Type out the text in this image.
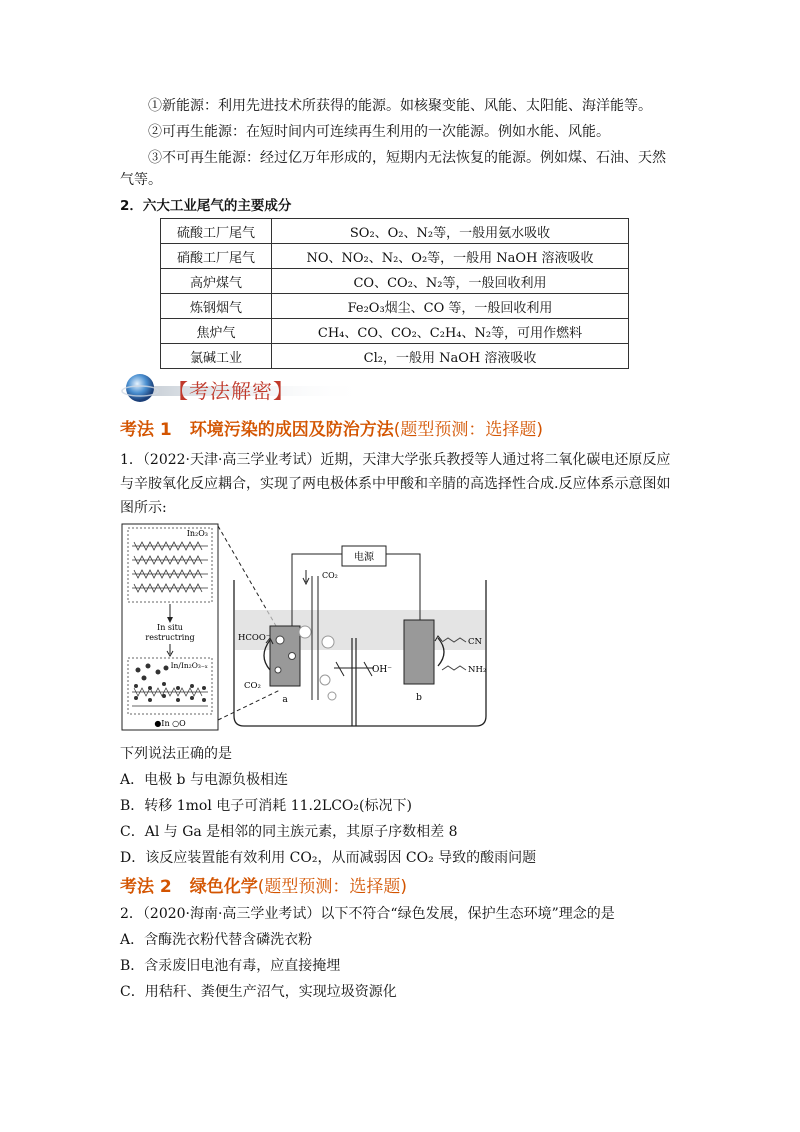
①新能源：利用先进技术所获得的能源。如核聚变能、风能、太阳能、海洋能等。
②可再生能源：在短时间内可连续再生利用的一次能源。例如水能、风能。
③不可再生能源：经过亿万年形成的，短期内无法恢复的能源。例如煤、石油、天然
气等。
2．六大工业尾气的主要成分
硫酸工厂尾气	SO₂、O₂、N₂等，一般用氨水吸收
硝酸工厂尾气	NO、NO₂、N₂、O₂等，一般用 NaOH 溶液吸收
高炉煤气	CO、CO₂、N₂等，一般回收利用
炼钢烟气	Fe₂O₃烟尘、CO 等，一般回收利用
焦炉气	CH₄、CO、CO₂、C₂H₄、N₂等，可用作燃料
氯碱工业	Cl₂，一般用 NaOH 溶液吸收
【考法解密】
考法 1 环境污染的成因及防治方法(题型预测：选择题)
1．（2022·天津·高三学业考试）近期，天津大学张兵教授等人通过将二氧化碳电还原反应
与辛胺氧化反应耦合，实现了两电极体系中甲酸和辛腈的高选择性合成.反应体系示意图如
图所示:
In₂O₃
In situ
restructring
In/In₂O₃₋ₓ
●In ○O
OH⁻
电源
CO₂
a
HCOO⁻
CO₂
b
CN
NH₂
下列说法正确的是
A．电极 b 与电源负极相连
B．转移 1mol 电子可消耗 11.2LCO₂(标况下)
C．Al 与 Ga 是相邻的同主族元素，其原子序数相差 8
D．该反应装置能有效利用 CO₂，从而减弱因 CO₂ 导致的酸雨问题
考法 2 绿色化学(题型预测：选择题)
2．（2020·海南·高三学业考试）以下不符合“绿色发展，保护生态环境”理念的是
A．含酶洗衣粉代替含磷洗衣粉
B．含汞废旧电池有毒，应直接掩埋
C．用秸秆、粪便生产沼气，实现垃圾资源化
